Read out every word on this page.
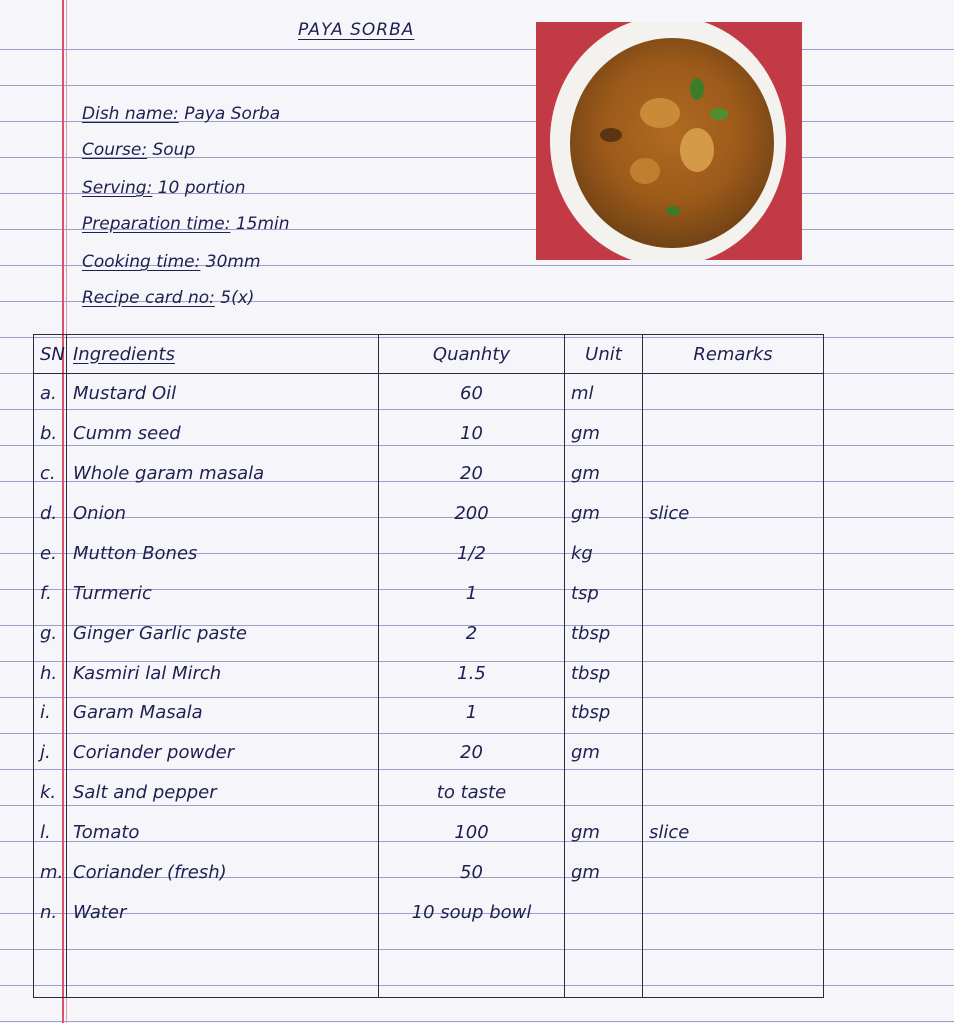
PAYA SORBA
Dish name: Paya Sorba
Course: Soup
Serving: 10 portion
Preparation time: 15min
Cooking time: 30mm
Recipe card no: 5(x)
SN	Ingredients	Quanhty	Unit	Remarks
a.	Mustard Oil	60	ml	
b.	Cumm seed	10	gm	
c.	Whole garam masala	20	gm	
d.	Onion	200	gm	slice
e.	Mutton Bones	1/2	kg	
f.	Turmeric	1	tsp	
g.	Ginger Garlic paste	2	tbsp	
h.	Kasmiri lal Mirch	1.5	tbsp	
i.	Garam Masala	1	tbsp	
j.	Coriander powder	20	gm	
k.	Salt and pepper	to taste		
l.	Tomato	100	gm	slice
m.	Coriander (fresh)	50	gm	
n.	Water	10 soup bowl		
